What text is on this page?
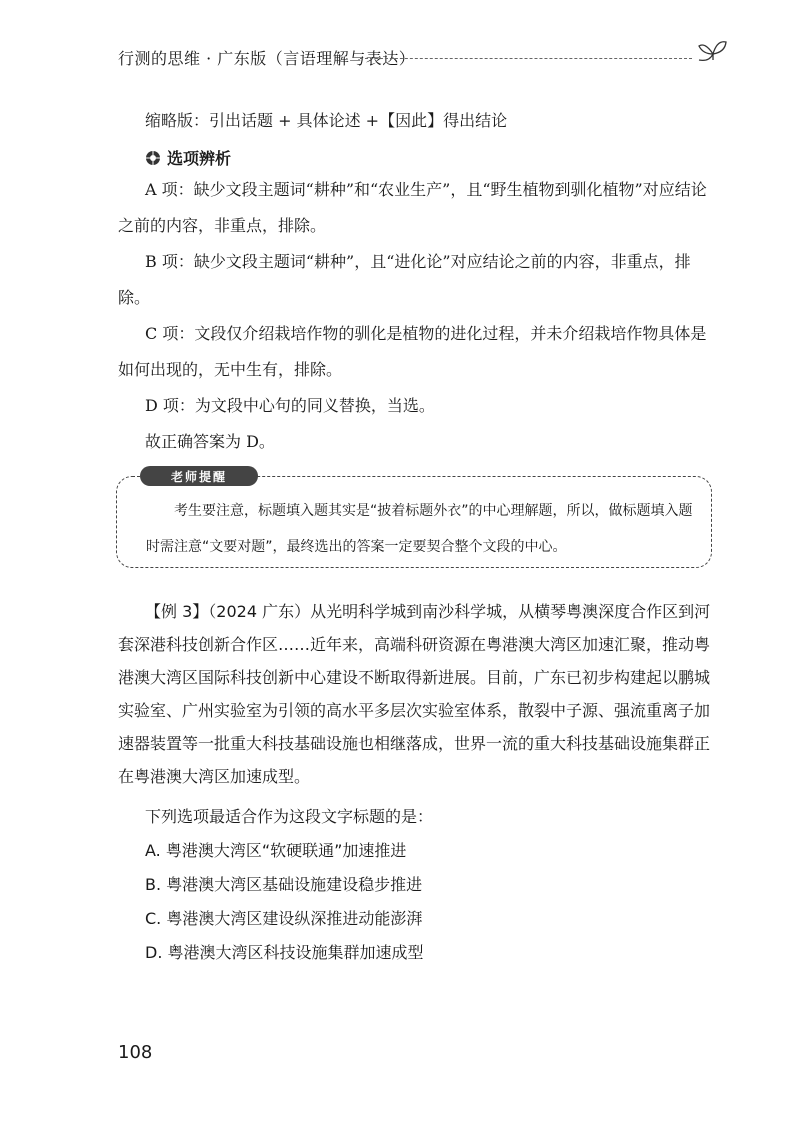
行测的思维 · 广东版（言语理解与表达）
缩略版：引出话题 + 具体论述 +【因此】得出结论
选项辨析
A 项：缺少文段主题词“耕种”和“农业生产”，且“野生植物到驯化植物”对应结论之前的内容，非重点，排除。
B 项：缺少文段主题词“耕种”，且“进化论”对应结论之前的内容，非重点，排除。
C 项：文段仅介绍栽培作物的驯化是植物的进化过程，并未介绍栽培作物具体是如何出现的，无中生有，排除。
D 项：为文段中心句的同义替换，当选。
故正确答案为 D。
老师提醒
考生要注意，标题填入题其实是“披着标题外衣”的中心理解题，所以，做标题填入题时需注意“文要对题”，最终选出的答案一定要契合整个文段的中心。
【例 3】（2024 广东）从光明科学城到南沙科学城，从横琴粤澳深度合作区到河套深港科技创新合作区……近年来，高端科研资源在粤港澳大湾区加速汇聚，推动粤港澳大湾区国际科技创新中心建设不断取得新进展。目前，广东已初步构建起以鹏城实验室、广州实验室为引领的高水平多层次实验室体系，散裂中子源、强流重离子加速器装置等一批重大科技基础设施也相继落成，世界一流的重大科技基础设施集群正在粤港澳大湾区加速成型。
下列选项最适合作为这段文字标题的是：
A. 粤港澳大湾区“软硬联通”加速推进
B. 粤港澳大湾区基础设施建设稳步推进
C. 粤港澳大湾区建设纵深推进动能澎湃
D. 粤港澳大湾区科技设施集群加速成型
108
